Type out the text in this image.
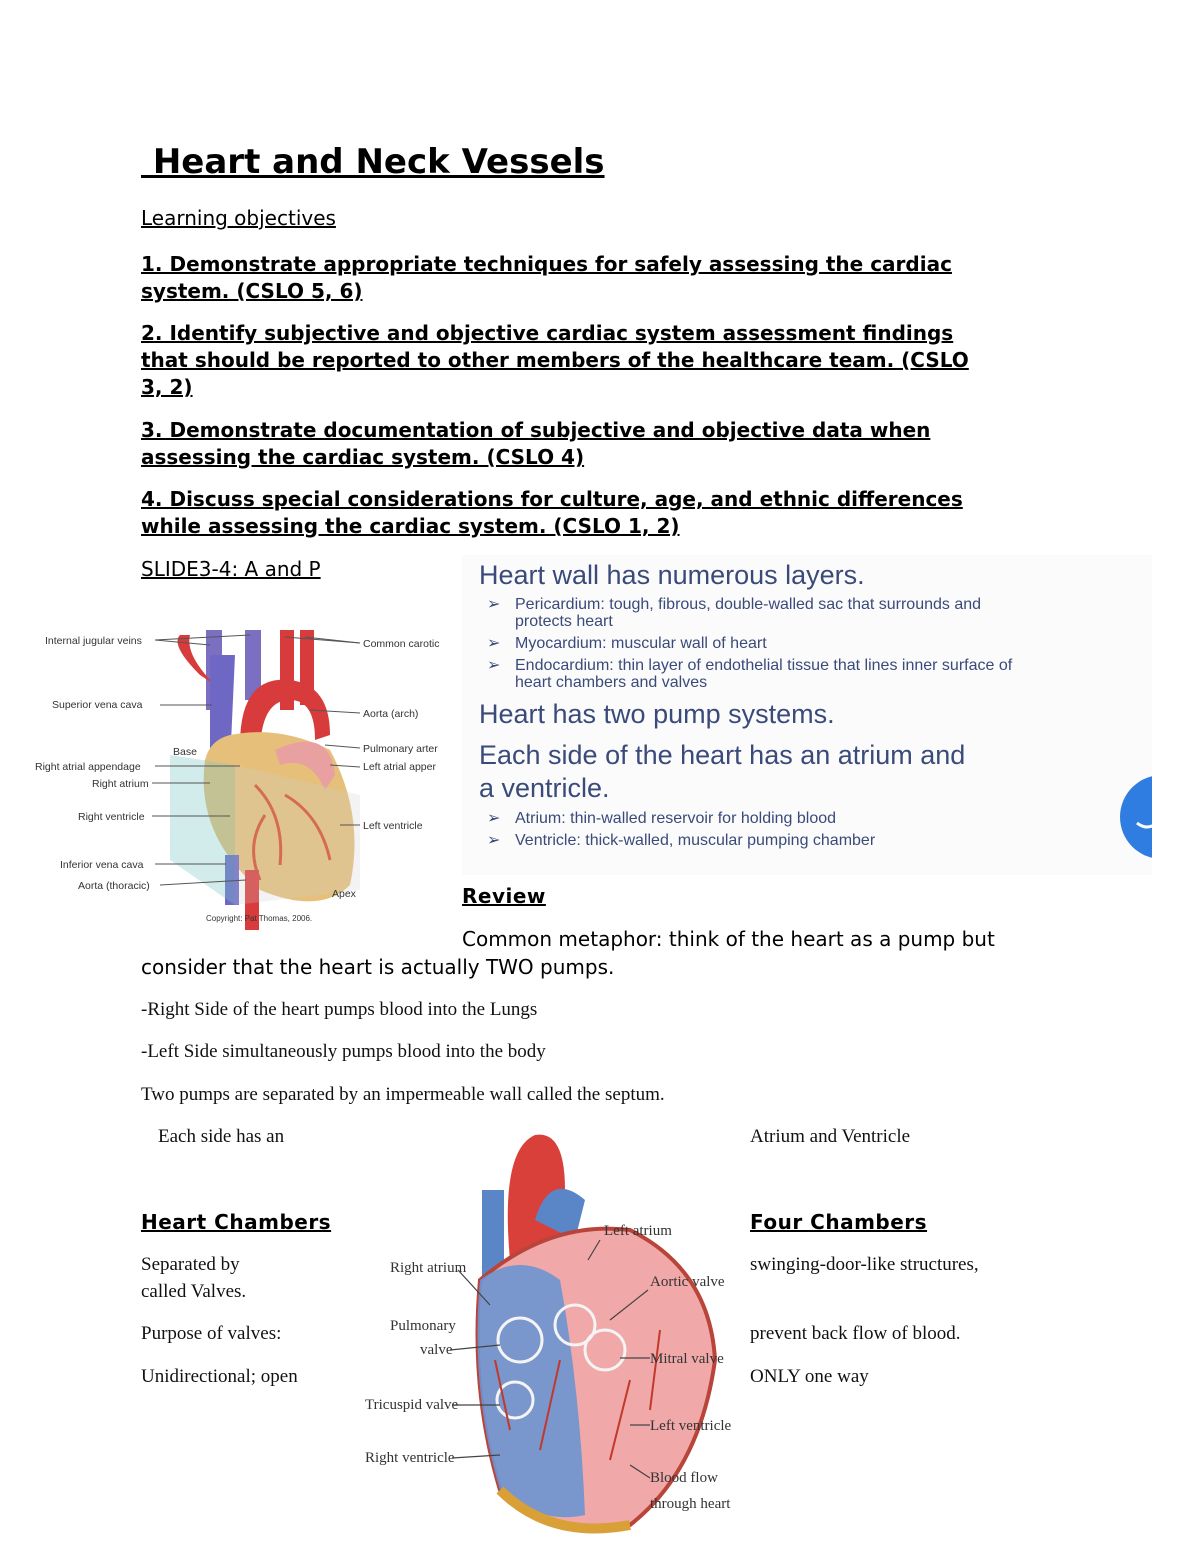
Heart and Neck Vessels
Learning objectives
1. Demonstrate appropriate techniques for safely assessing the cardiac
system. (CSLO 5, 6)
2. Identify subjective and objective cardiac system assessment findings
that should be reported to other members of the healthcare team. (CSLO
3, 2)
3. Demonstrate documentation of subjective and objective data when
assessing the cardiac system. (CSLO 4)
4. Discuss special considerations for culture, age, and ethnic differences
while assessing the cardiac system. (CSLO 1, 2)
SLIDE3-4: A and P
Internal jugular veins
Superior vena cava
Base
Right atrial appendage
Right atrium
Right ventricle
Inferior vena cava
Aorta (thoracic)
Common carotic
Aorta (arch)
Pulmonary arter
Left atrial apper
Left ventricle
Apex
Copyright: Pat Thomas, 2006.
Heart wall has numerous layers.
➢ Pericardium: tough, fibrous, double-walled sac that surrounds and
protects heart
➢ Myocardium: muscular wall of heart
➢ Endocardium: thin layer of endothelial tissue that lines inner surface of
heart chambers and valves
Heart has two pump systems.
Each side of the heart has an atrium and
a ventricle.
➢ Atrium: thin-walled reservoir for holding blood
➢ Ventricle: thick-walled, muscular pumping chamber
Review
Common metaphor: think of the heart as a pump but
consider that the heart is actually TWO pumps.
-Right Side of the heart pumps blood into the Lungs
-Left Side simultaneously pumps blood into the body
Two pumps are separated by an impermeable wall called the septum.
Each side has an	Atrium and Ventricle
Heart Chambers	Four Chambers
Separated by
called Valves.
Purpose of valves:
Unidirectional; open
swinging-door-like structures,
prevent back flow of blood.
ONLY one way
Right atrium
Pulmonary
valve
Tricuspid valve
Right ventricle
Left atrium
Aortic valve
Mitral valve
Left ventricle
Blood flow
through heart
